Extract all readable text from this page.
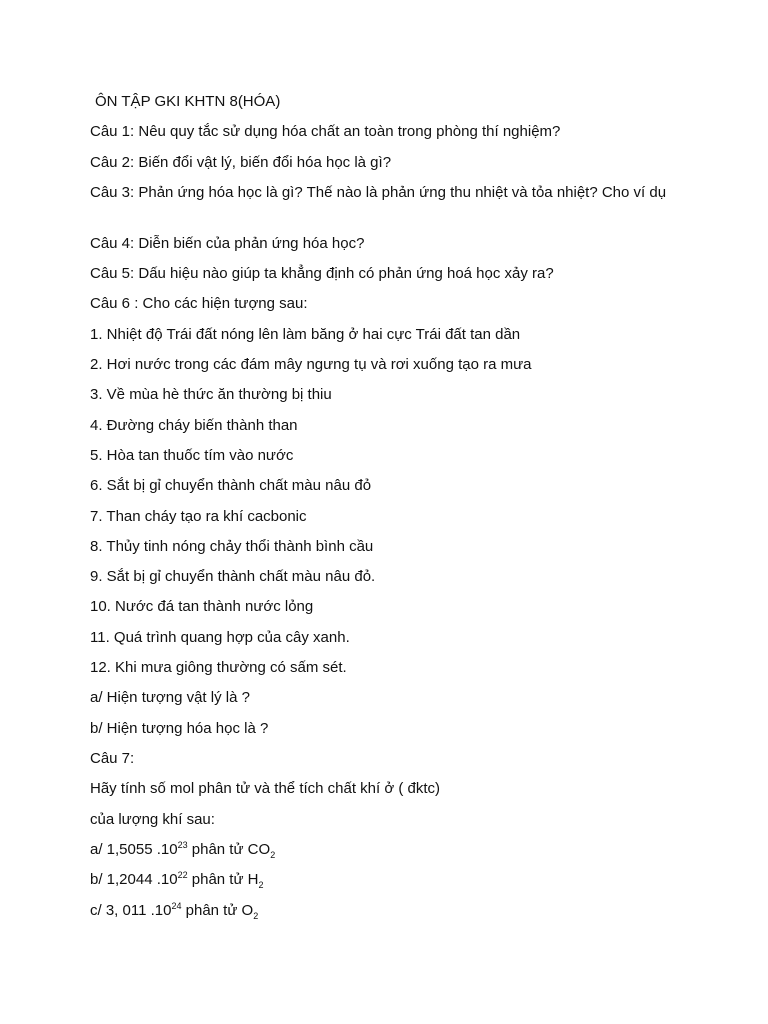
ÔN TẬP GKI KHTN 8(HÓA)
Câu 1: Nêu quy tắc sử dụng hóa chất an toàn trong phòng thí nghiệm?
Câu 2: Biến đổi vật lý, biến đổi hóa học là gì?
Câu 3: Phản ứng hóa học là gì? Thế nào là phản ứng thu nhiệt và tỏa nhiệt? Cho ví dụ
Câu 4: Diễn biến của phản ứng hóa học?
Câu 5: Dấu hiệu nào giúp ta khẳng định có phản ứng hoá học xảy ra?
Câu 6 : Cho các hiện tượng sau:
1. Nhiệt độ Trái đất nóng lên làm băng ở hai cực Trái đất tan dần
2. Hơi nước trong các đám mây ngưng tụ và rơi xuống tạo ra mưa
3. Về mùa hè thức ăn thường bị thiu
4. Đường cháy biến thành than
5. Hòa tan thuốc tím vào nước
6. Sắt bị gỉ chuyển thành chất màu nâu đỏ
7. Than cháy tạo ra khí cacbonic
8. Thủy tinh nóng chảy thổi thành bình cầu
9. Sắt bị gỉ chuyển thành chất màu nâu đỏ.
10. Nước đá tan thành nước lỏng
11. Quá trình quang hợp của cây xanh.
12. Khi mưa giông thường có sấm sét.
a/ Hiện tượng vật lý là ?
b/ Hiện tượng hóa học là ?
Câu 7:
Hãy tính số mol phân tử và thể tích chất khí ở ( đktc)
của lượng khí sau:
a/ 1,5055 $.10^{23}$ phân tử $CO_2$
b/ 1,2044 $.10^{22}$ phân tử $H_2$
c/ 3, 011 $.10^{24}$ phân tử $O_2$
